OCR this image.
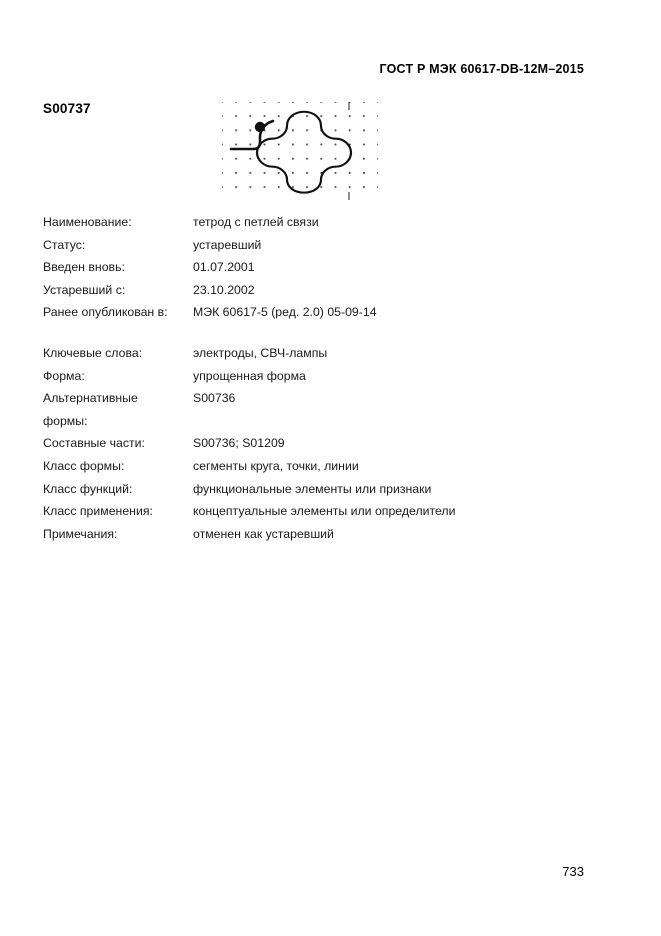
ГОСТ Р МЭК 60617-DB-12М–2015
S00737
Наименование:	тетрод с петлей связи
Статус:	устаревший
Введен вновь:	01.07.2001
Устаревший с:	23.10.2002
Ранее опубликован в:	МЭК 60617-5 (ред. 2.0) 05-09-14
Ключевые слова:	электроды, СВЧ-лампы
Форма:	упрощенная форма
Альтернативные	S00736
формы:
Составные части:	S00736; S01209
Класс формы:	сегменты круга, точки, линии
Класс функций:	функциональные элементы или признаки
Класс применения:	концептуальные элементы или определители
Примечания:	отменен как устаревший
733
